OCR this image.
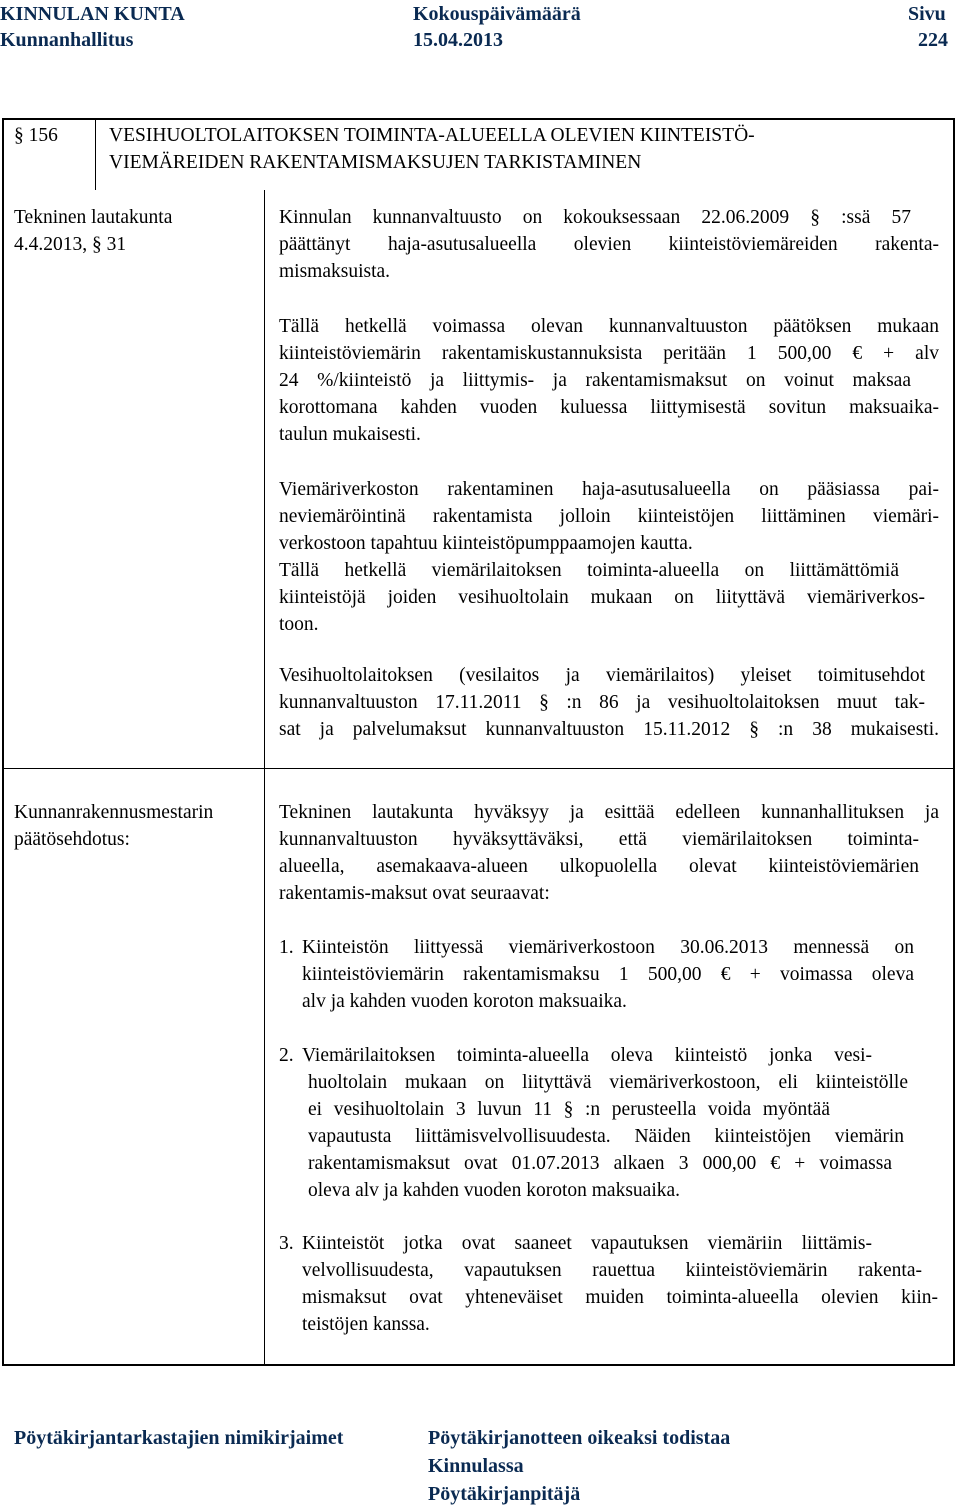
KINNULAN KUNTA
Kunnanhallitus
Kokouspäivämäärä
15.04.2013
Sivu
224
§ 156	VESIHUOLTOLAITOKSEN TOIMINTA-ALUEELLA OLEVIEN KIINTEISTÖ-
VIEMÄREIDEN RAKENTAMISMAKSUJEN TARKISTAMINEN
Tekninen lautakunta
4.4.2013, § 31
Kinnulan kunnanvaltuusto on kokouksessaan 22.06.2009 § :ssä 57
päättänyt haja-asutusalueella olevien kiinteistöviemäreiden rakenta-
mismaksuista.
Tällä hetkellä voimassa olevan kunnanvaltuuston päätöksen mukaan
kiinteistöviemärin rakentamiskustannuksista peritään 1 500,00 € + alv
24 %/kiinteistö ja liittymis- ja rakentamismaksut on voinut maksaa
korottomana kahden vuoden kuluessa liittymisestä sovitun maksuaika-
taulun mukaisesti.
Viemäriverkoston rakentaminen haja-asutusalueella on pääsiassa pai-
neviemäröintinä rakentamista jolloin kiinteistöjen liittäminen viemäri-
verkostoon tapahtuu kiinteistöpumppaamojen kautta.
Tällä hetkellä viemärilaitoksen toiminta-alueella on liittämättömiä
kiinteistöjä joiden vesihuoltolain mukaan on liityttävä viemäriverkos-
toon.
Vesihuoltolaitoksen (vesilaitos ja viemärilaitos) yleiset toimitusehdot
kunnanvaltuuston 17.11.2011 § :n 86 ja vesihuoltolaitoksen muut tak-
sat ja palvelumaksut kunnanvaltuuston 15.11.2012 § :n 38 mukaisesti.
Kunnanrakennusmestarin
päätösehdotus:
Tekninen lautakunta hyväksyy ja esittää edelleen kunnanhallituksen ja
kunnanvaltuuston hyväksyttäväksi, että viemärilaitoksen toiminta-
alueella, asemakaava-alueen ulkopuolella olevat kiinteistöviemärien
rakentamis-maksut ovat seuraavat:
1. Kiinteistön liittyessä viemäriverkostoon 30.06.2013 mennessä on
kiinteistöviemärin rakentamismaksu 1 500,00 € + voimassa oleva
alv ja kahden vuoden koroton maksuaika.
2. Viemärilaitoksen toiminta-alueella oleva kiinteistö jonka vesi-
huoltolain mukaan on liityttävä viemäriverkostoon, eli kiinteistölle
ei vesihuoltolain 3 luvun 11 § :n perusteella voida myöntää
vapautusta liittämisvelvollisuudesta. Näiden kiinteistöjen viemärin
rakentamismaksut ovat 01.07.2013 alkaen 3 000,00 € + voimassa
oleva alv ja kahden vuoden koroton maksuaika.
3. Kiinteistöt jotka ovat saaneet vapautuksen viemäriin liittämis-
velvollisuudesta, vapautuksen rauettua kiinteistöviemärin rakenta-
mismaksut ovat yhteneväiset muiden toiminta-alueella olevien kiin-
teistöjen kanssa.
Pöytäkirjantarkastajien nimikirjaimet	Pöytäkirjanotteen oikeaksi todistaa
Kinnulassa
Pöytäkirjanpitäjä
